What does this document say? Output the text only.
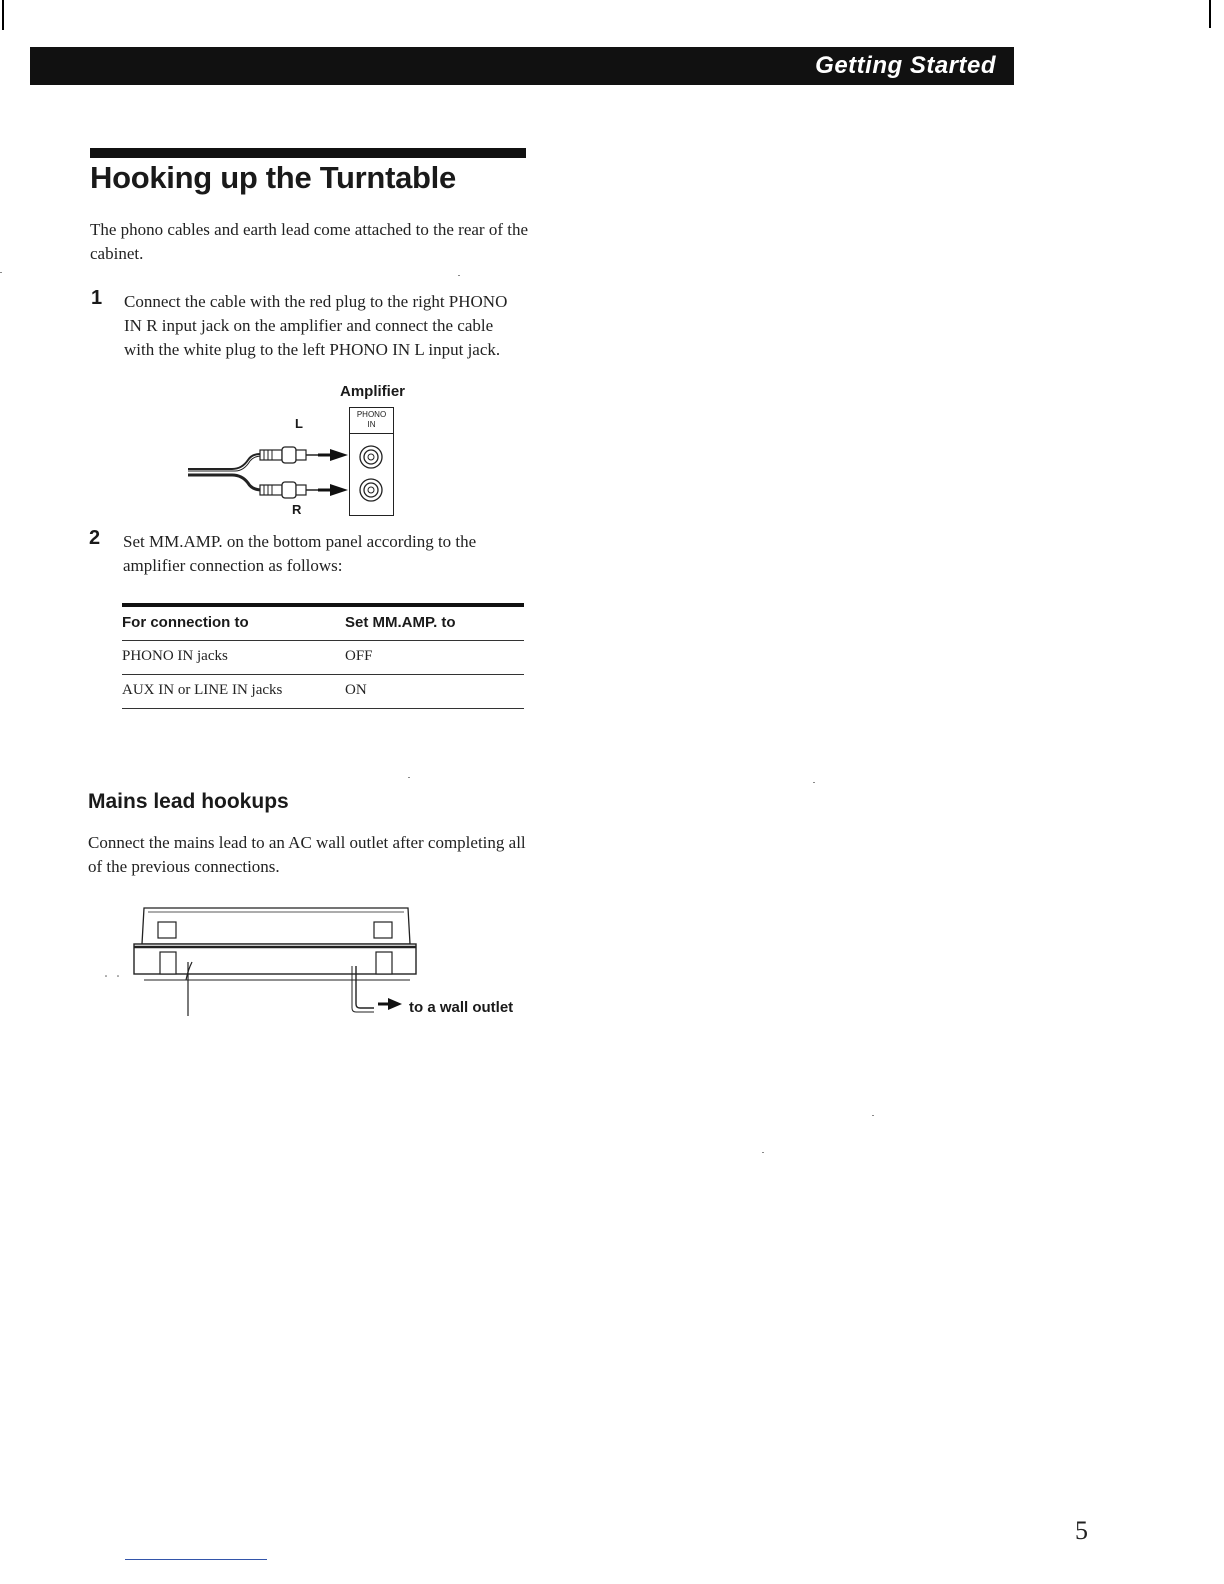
Getting Started
Hooking up the Turntable
The phono cables and earth lead come attached to the rear of the cabinet.
1 Connect the cable with the red plug to the right PHONO IN R input jack on the amplifier and connect the cable with the white plug to the left PHONO IN L input jack.
Amplifier
L
R
PHONO
IN
2 Set MM.AMP. on the bottom panel according to the amplifier connection as follows:
For connection to	Set MM.AMP. to
PHONO IN jacks	OFF
AUX IN or LINE IN jacks	ON
Mains lead hookups
Connect the mains lead to an AC wall outlet after completing all of the previous connections.
to a wall outlet
5
